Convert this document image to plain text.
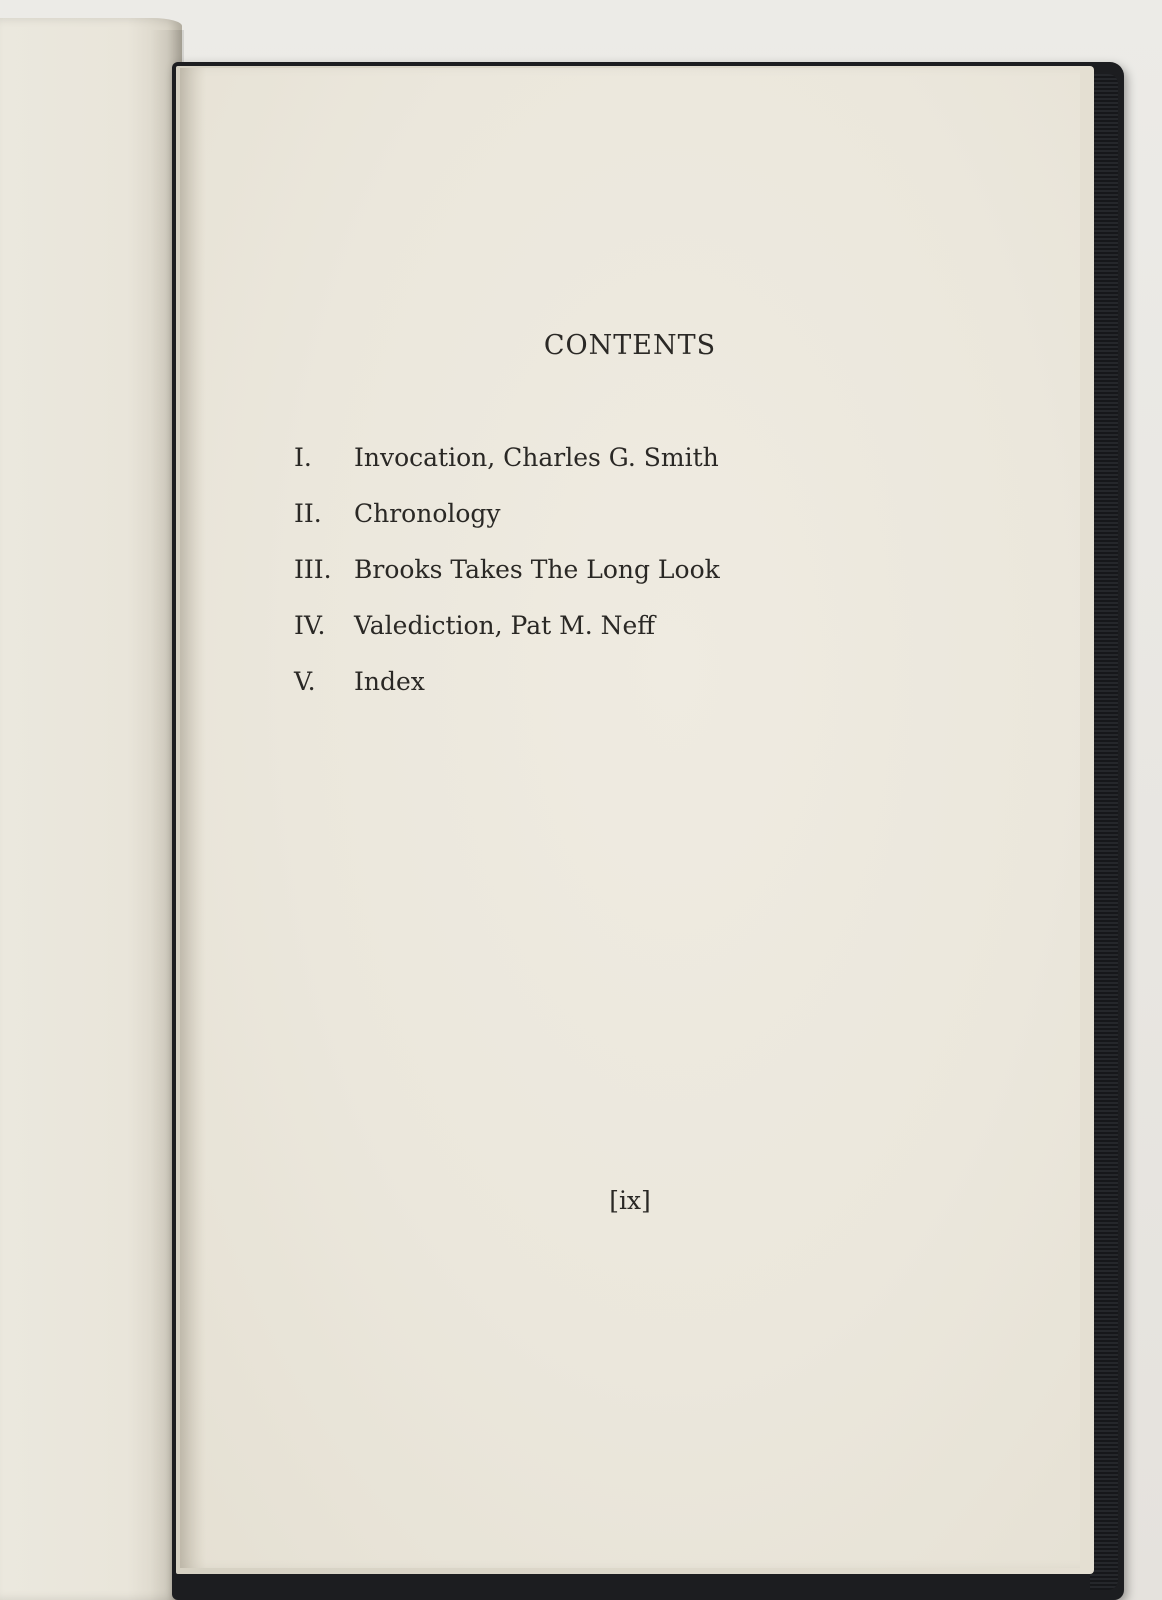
CONTENTS
I. Invocation, Charles G. Smith
II. Chronology
III. Brooks Takes The Long Look
IV. Valediction, Pat M. Neff
V. Index
[ix]
